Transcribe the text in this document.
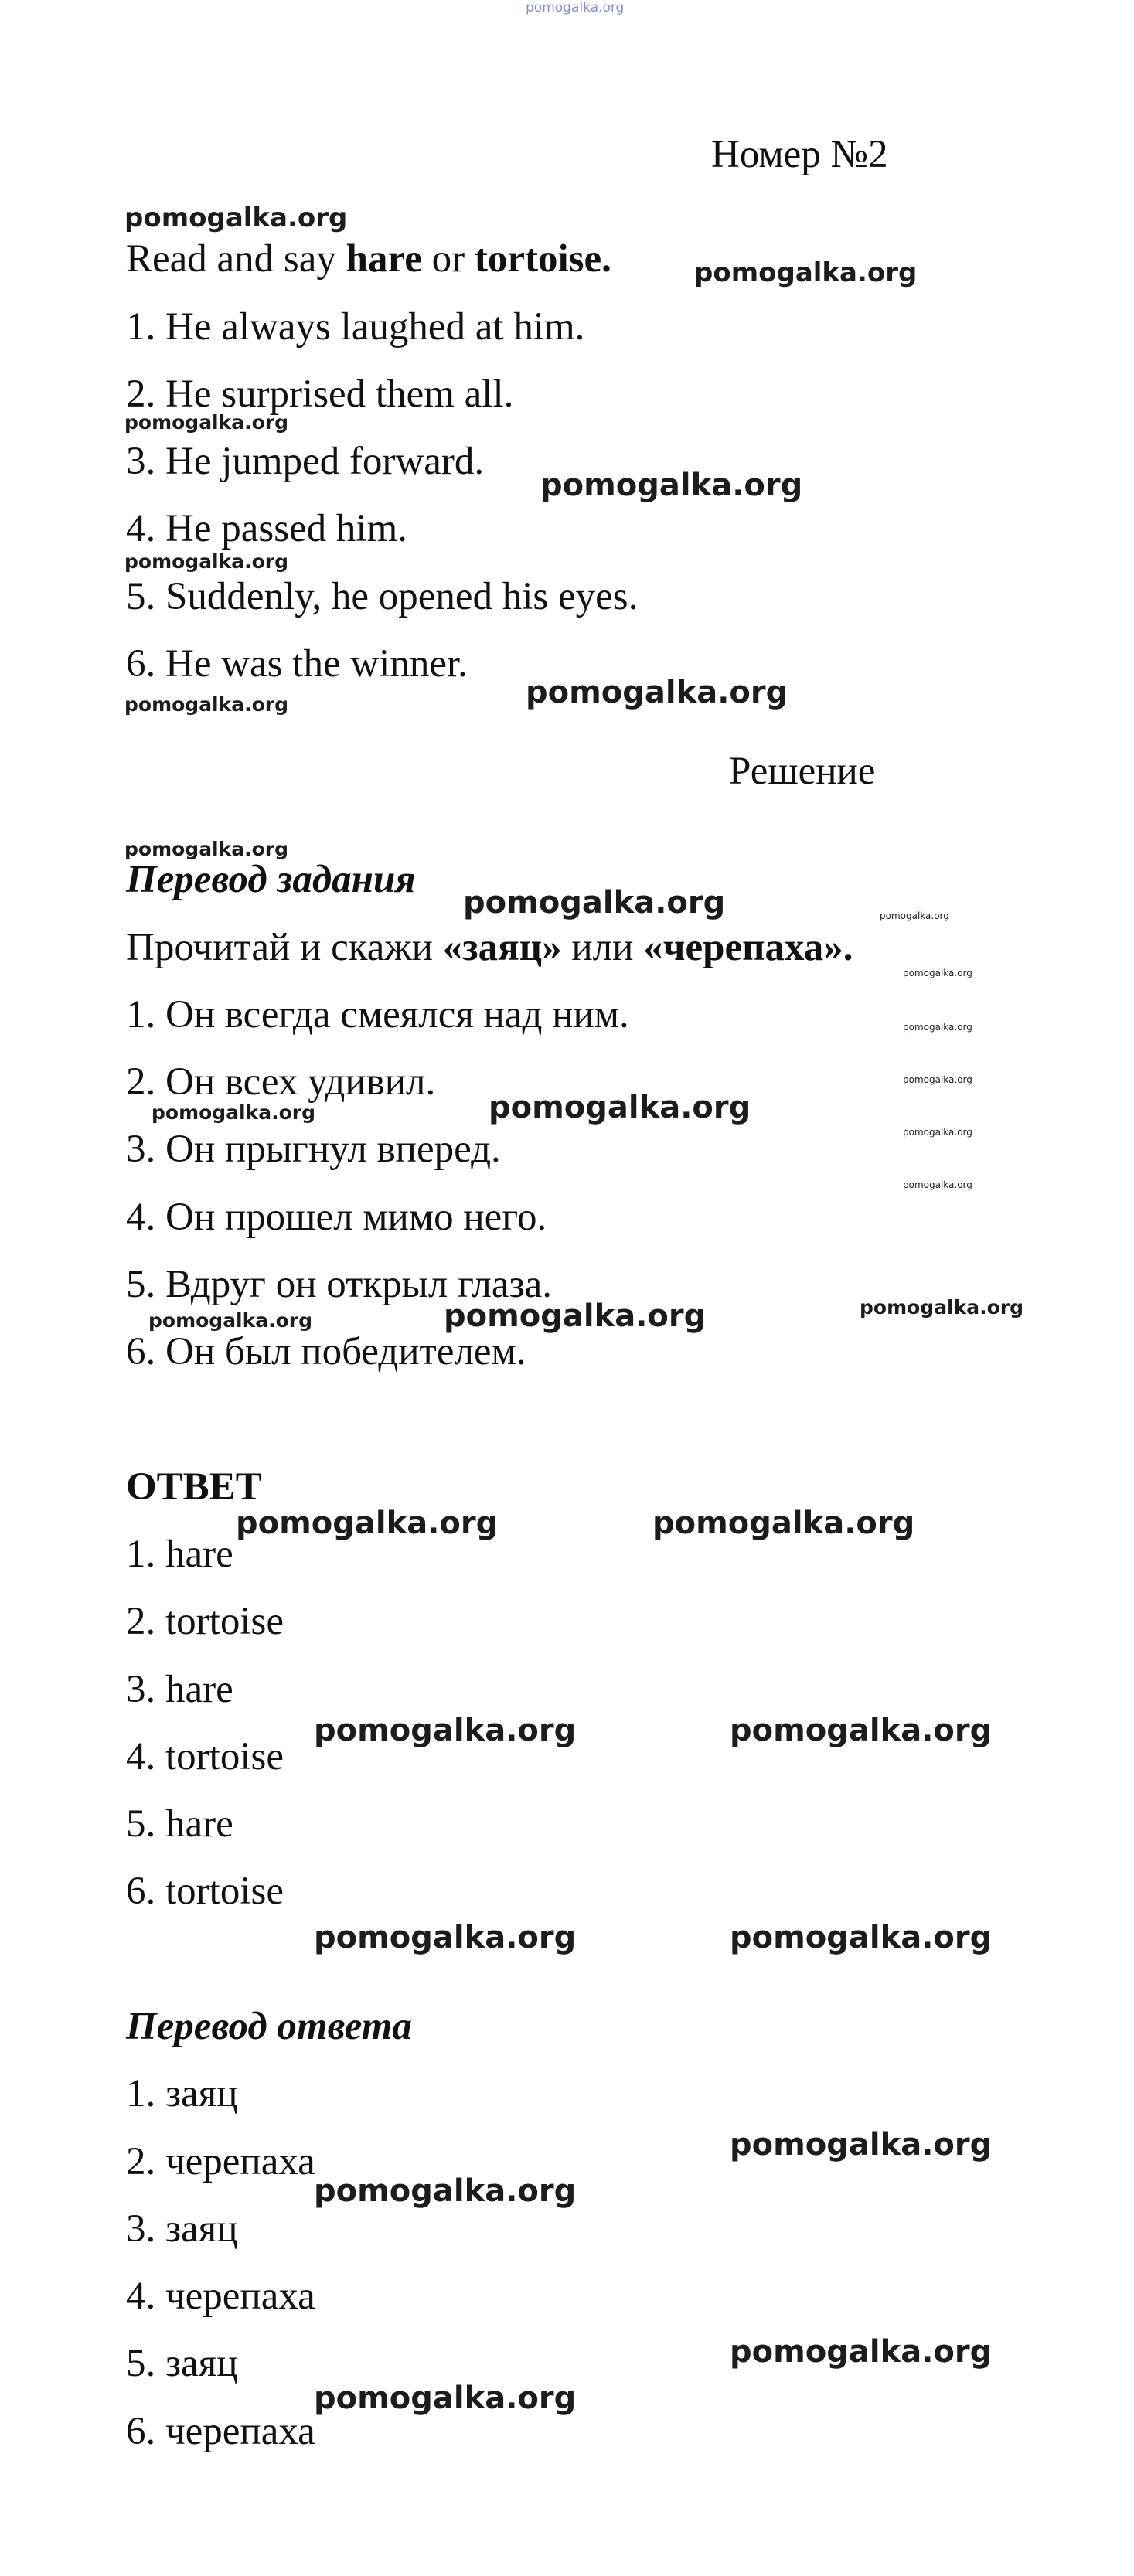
pomogalka.org
Номер №2
Read and say hare or tortoise.
1. He always laughed at him.
2. He surprised them all.
3. He jumped forward.
4. He passed him.
5. Suddenly, he opened his eyes.
6. He was the winner.
Решение
Перевод задания
Прочитай и скажи «заяц» или «черепаха».
1. Он всегда смеялся над ним.
2. Он всех удивил.
3. Он прыгнул вперед.
4. Он прошел мимо него.
5. Вдруг он открыл глаза.
6. Он был победителем.
ОТВЕТ
1. hare
2. tortoise
3. hare
4. tortoise
5. hare
6. tortoise
Перевод ответа
1. заяц
2. черепаха
3. заяц
4. черепаха
5. заяц
6. черепаха
pomogalka.org
pomogalka.org
pomogalka.org
pomogalka.org
pomogalka.org
pomogalka.org
pomogalka.org
pomogalka.org
pomogalka.org	pomogalka.org
pomogalka.org
pomogalka.org
pomogalka.org
pomogalka.org	pomogalka.org
pomogalka.org
pomogalka.org
pomogalka.org	pomogalka.org	pomogalka.org
pomogalka.org	pomogalka.org
pomogalka.org	pomogalka.org
pomogalka.org	pomogalka.org
pomogalka.org
pomogalka.org
pomogalka.org
pomogalka.org
